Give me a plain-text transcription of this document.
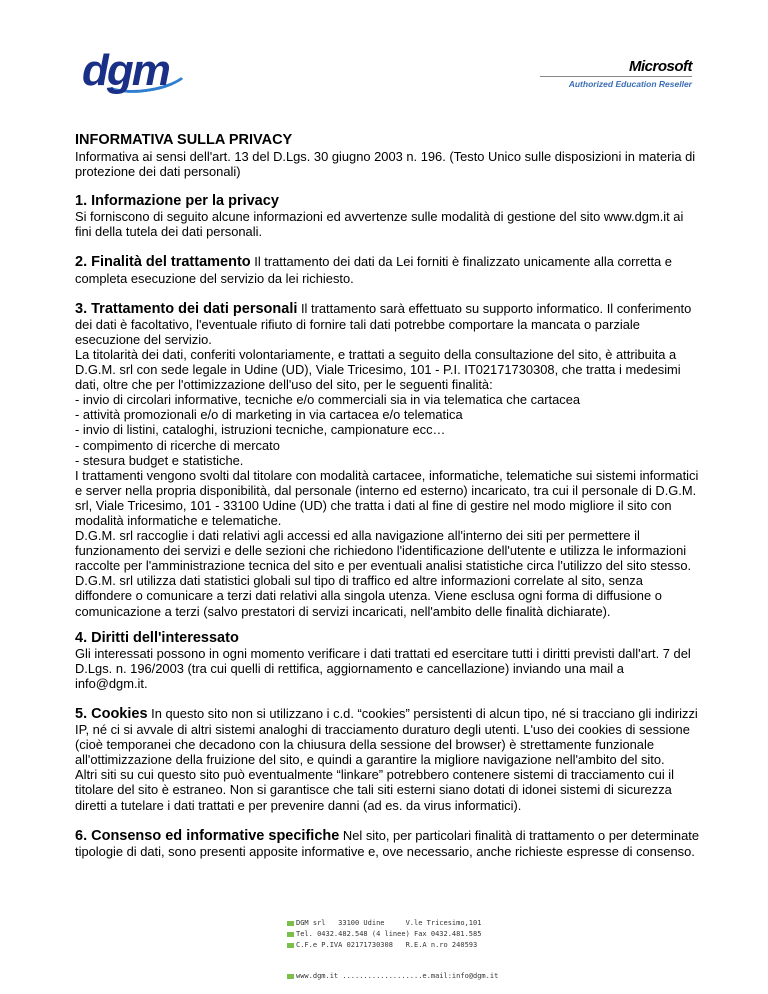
dgm	Microsoft
Authorized Education Reseller
INFORMATIVA SULLA PRIVACY

Informativa ai sensi dell'art. 13 del D.Lgs. 30 giugno 2003 n. 196. (Testo Unico sulle disposizioni in materia di protezione dei dati personali)

1. Informazione per la privacy

Si forniscono di seguito alcune informazioni ed avvertenze sulle modalità di gestione del sito www.dgm.it ai fini della tutela dei dati personali.

2. Finalità del trattamento Il trattamento dei dati da Lei forniti è finalizzato unicamente alla corretta e completa esecuzione del servizio da lei richiesto.

3. Trattamento dei dati personali Il trattamento sarà effettuato su supporto informatico. Il conferimento dei dati è facoltativo, l'eventuale rifiuto di fornire tali dati potrebbe comportare la mancata o parziale esecuzione del servizio.

La titolarità dei dati, conferiti volontariamente, e trattati a seguito della consultazione del sito, è attribuita a D.G.M. srl con sede legale in Udine (UD), Viale Tricesimo, 101 - P.I. IT02171730308, che tratta i medesimi dati, oltre che per l'ottimizzazione dell'uso del sito, per le seguenti finalità:

- invio di circolari informative, tecniche e/o commerciali sia in via telematica che cartacea

- attività promozionali e/o di marketing in via cartacea e/o telematica

- invio di listini, cataloghi, istruzioni tecniche, campionature ecc…

- compimento di ricerche di mercato

- stesura budget e statistiche.

I trattamenti vengono svolti dal titolare con modalità cartacee, informatiche, telematiche sui sistemi informatici e server nella propria disponibilità, dal personale (interno ed esterno) incaricato, tra cui il personale di D.G.M. srl, Viale Tricesimo, 101 - 33100 Udine (UD) che tratta i dati al fine di gestire nel modo migliore il sito con modalità informatiche e telematiche.

D.G.M. srl raccoglie i dati relativi agli accessi ed alla navigazione all'interno dei siti per permettere il funzionamento dei servizi e delle sezioni che richiedono l'identificazione dell'utente e utilizza le informazioni raccolte per l'amministrazione tecnica del sito e per eventuali analisi statistiche circa l'utilizzo del sito stesso.

D.G.M. srl utilizza dati statistici globali sul tipo di traffico ed altre informazioni correlate al sito, senza diffondere o comunicare a terzi dati relativi alla singola utenza. Viene esclusa ogni forma di diffusione o comunicazione a terzi (salvo prestatori di servizi incaricati, nell'ambito delle finalità dichiarate).

4. Diritti dell'interessato

Gli interessati possono in ogni momento verificare i dati trattati ed esercitare tutti i diritti previsti dall'art. 7 del D.Lgs. n. 196/2003 (tra cui quelli di rettifica, aggiornamento e cancellazione) inviando una mail a info@dgm.it.

5. Cookies In questo sito non si utilizzano i c.d. “cookies” persistenti di alcun tipo, né si tracciano gli indirizzi IP, né ci si avvale di altri sistemi analoghi di tracciamento duraturo degli utenti. L'uso dei cookies di sessione (cioè temporanei che decadono con la chiusura della sessione del browser) è strettamente funzionale all'ottimizzazione della fruizione del sito, e quindi a garantire la migliore navigazione nell'ambito del sito.

Altri siti su cui questo sito può eventualmente “linkare” potrebbero contenere sistemi di tracciamento cui il titolare del sito è estraneo. Non si garantisce che tali siti esterni siano dotati di idonei sistemi di sicurezza diretti a tutelare i dati trattati e per prevenire danni (ad es. da virus informatici).

6. Consenso ed informative specifiche Nel sito, per particolari finalità di trattamento o per determinate tipologie di dati, sono presenti apposite informative e, ove necessario, anche richieste espresse di consenso.

DGM srl   33100 Udine     V.le Tricesimo,101
Tel. 0432.482.548 (4 linee) Fax 0432.481.585
C.F.e P.IVA 02171730308   R.E.A n.ro 240593
www.dgm.it ...................e.mail:info@dgm.it
